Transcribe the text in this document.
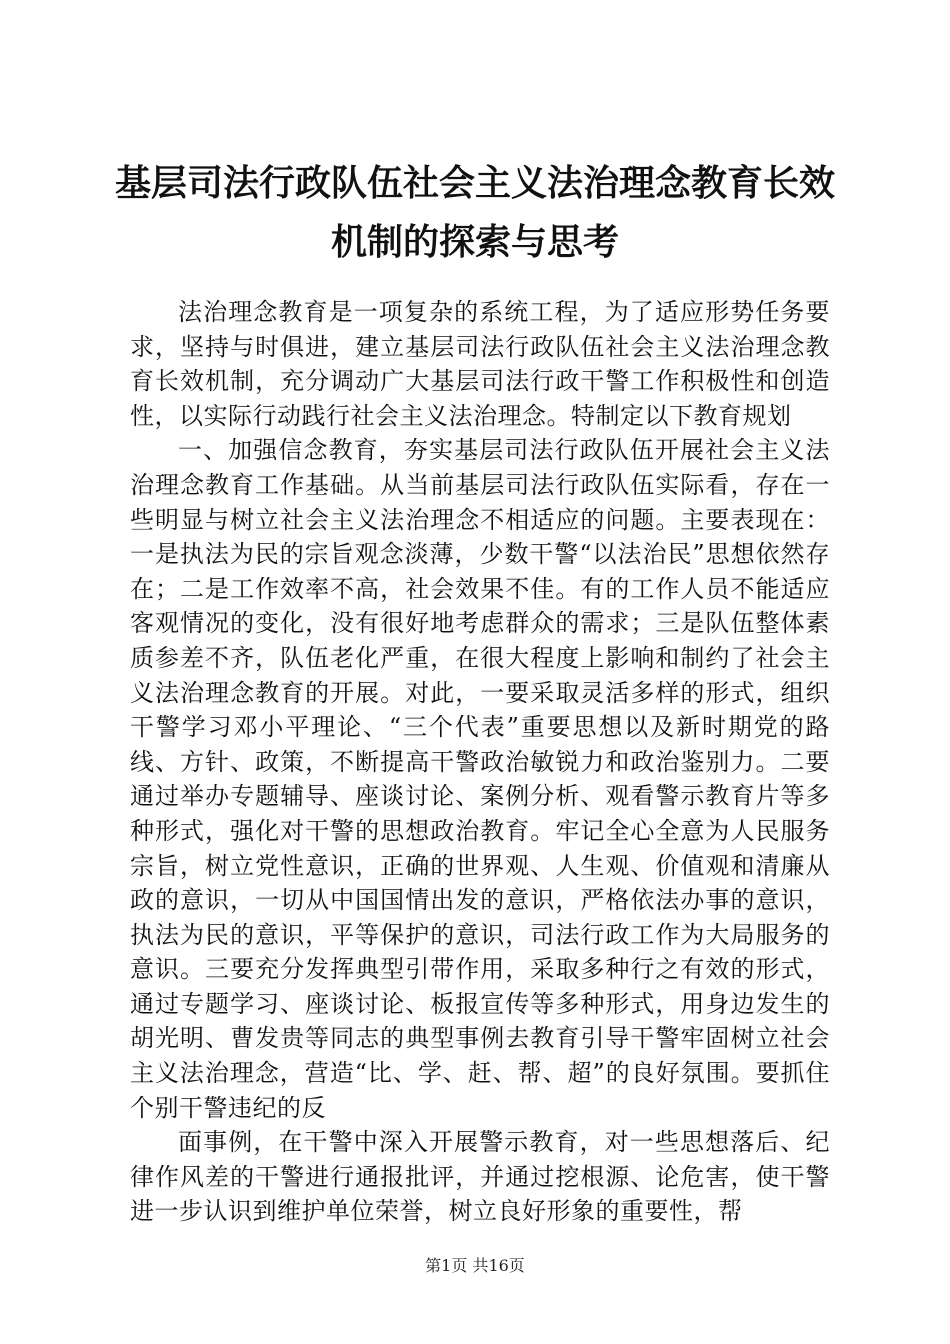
基层司法行政队伍社会主义法治理念教育长效
机制的探索与思考

法治理念教育是一项复杂的系统工程，为了适应形势任务要求，坚持与时俱进，建立基层司法行政队伍社会主义法治理念教育长效机制，充分调动广大基层司法行政干警工作积极性和创造性，以实际行动践行社会主义法治理念。特制定以下教育规划

一、加强信念教育，夯实基层司法行政队伍开展社会主义法治理念教育工作基础。从当前基层司法行政队伍实际看，存在一些明显与树立社会主义法治理念不相适应的问题。主要表现在：一是执法为民的宗旨观念淡薄，少数干警“以法治民”思想依然存在；二是工作效率不高，社会效果不佳。有的工作人员不能适应客观情况的变化，没有很好地考虑群众的需求；三是队伍整体素质参差不齐，队伍老化严重，在很大程度上影响和制约了社会主义法治理念教育的开展。对此，一要采取灵活多样的形式，组织干警学习邓小平理论、“三个代表”重要思想以及新时期党的路线、方针、政策，不断提高干警政治敏锐力和政治鉴别力。二要通过举办专题辅导、座谈讨论、案例分析、观看警示教育片等多种形式，强化对干警的思想政治教育。牢记全心全意为人民服务宗旨，树立党性意识，正确的世界观、人生观、价值观和清廉从政的意识，一切从中国国情出发的意识，严格依法办事的意识，执法为民的意识，平等保护的意识，司法行政工作为大局服务的意识。三要充分发挥典型引带作用，采取多种行之有效的形式，通过专题学习、座谈讨论、板报宣传等多种形式，用身边发生的胡光明、曹发贵等同志的典型事例去教育引导干警牢固树立社会主义法治理念，营造“比、学、赶、帮、超”的良好氛围。要抓住个别干警违纪的反

面事例，在干警中深入开展警示教育，对一些思想落后、纪律作风差的干警进行通报批评，并通过挖根源、论危害，使干警进一步认识到维护单位荣誉，树立良好形象的重要性，帮

第1页 共16页
